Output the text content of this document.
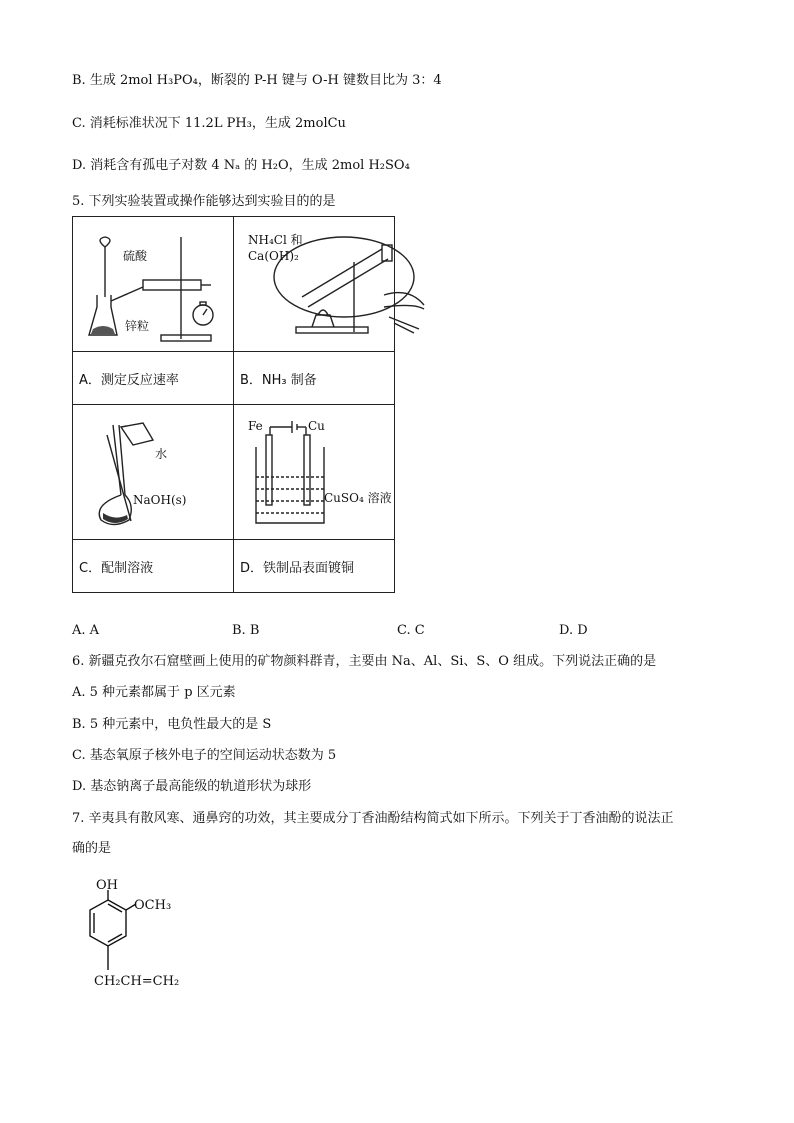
B. 生成 2mol H₃PO₄，断裂的 P-H 键与 O-H 键数目比为 3：4
C. 消耗标准状况下 11.2L PH₃，生成 2molCu
D. 消耗含有孤电子对数 4 Nₐ 的 H₂O，生成 2mol H₂SO₄
5. 下列实验装置或操作能够达到实验目的的是
硫酸
锌粒	NH₄Cl 和
Ca(OH)₂

A．测定反应速率	B．NH₃ 制备

水
NaOH(s)	Fe Cu
CuSO₄ 溶液

C．配制溶液	D．铁制品表面镀铜
A. A	B. B	C. C	D. D
6. 新疆克孜尔石窟壁画上使用的矿物颜料群青，主要由 Na、Al、Si、S、O 组成。下列说法正确的是
A. 5 种元素都属于 p 区元素
B. 5 种元素中，电负性最大的是 S
C. 基态氧原子核外电子的空间运动状态数为 5
D. 基态钠离子最高能级的轨道形状为球形
7. 辛夷具有散风寒、通鼻窍的功效，其主要成分丁香油酚结构简式如下所示。下列关于丁香油酚的说法正
确的是
OH
OCH₃
CH₂CH=CH₂
